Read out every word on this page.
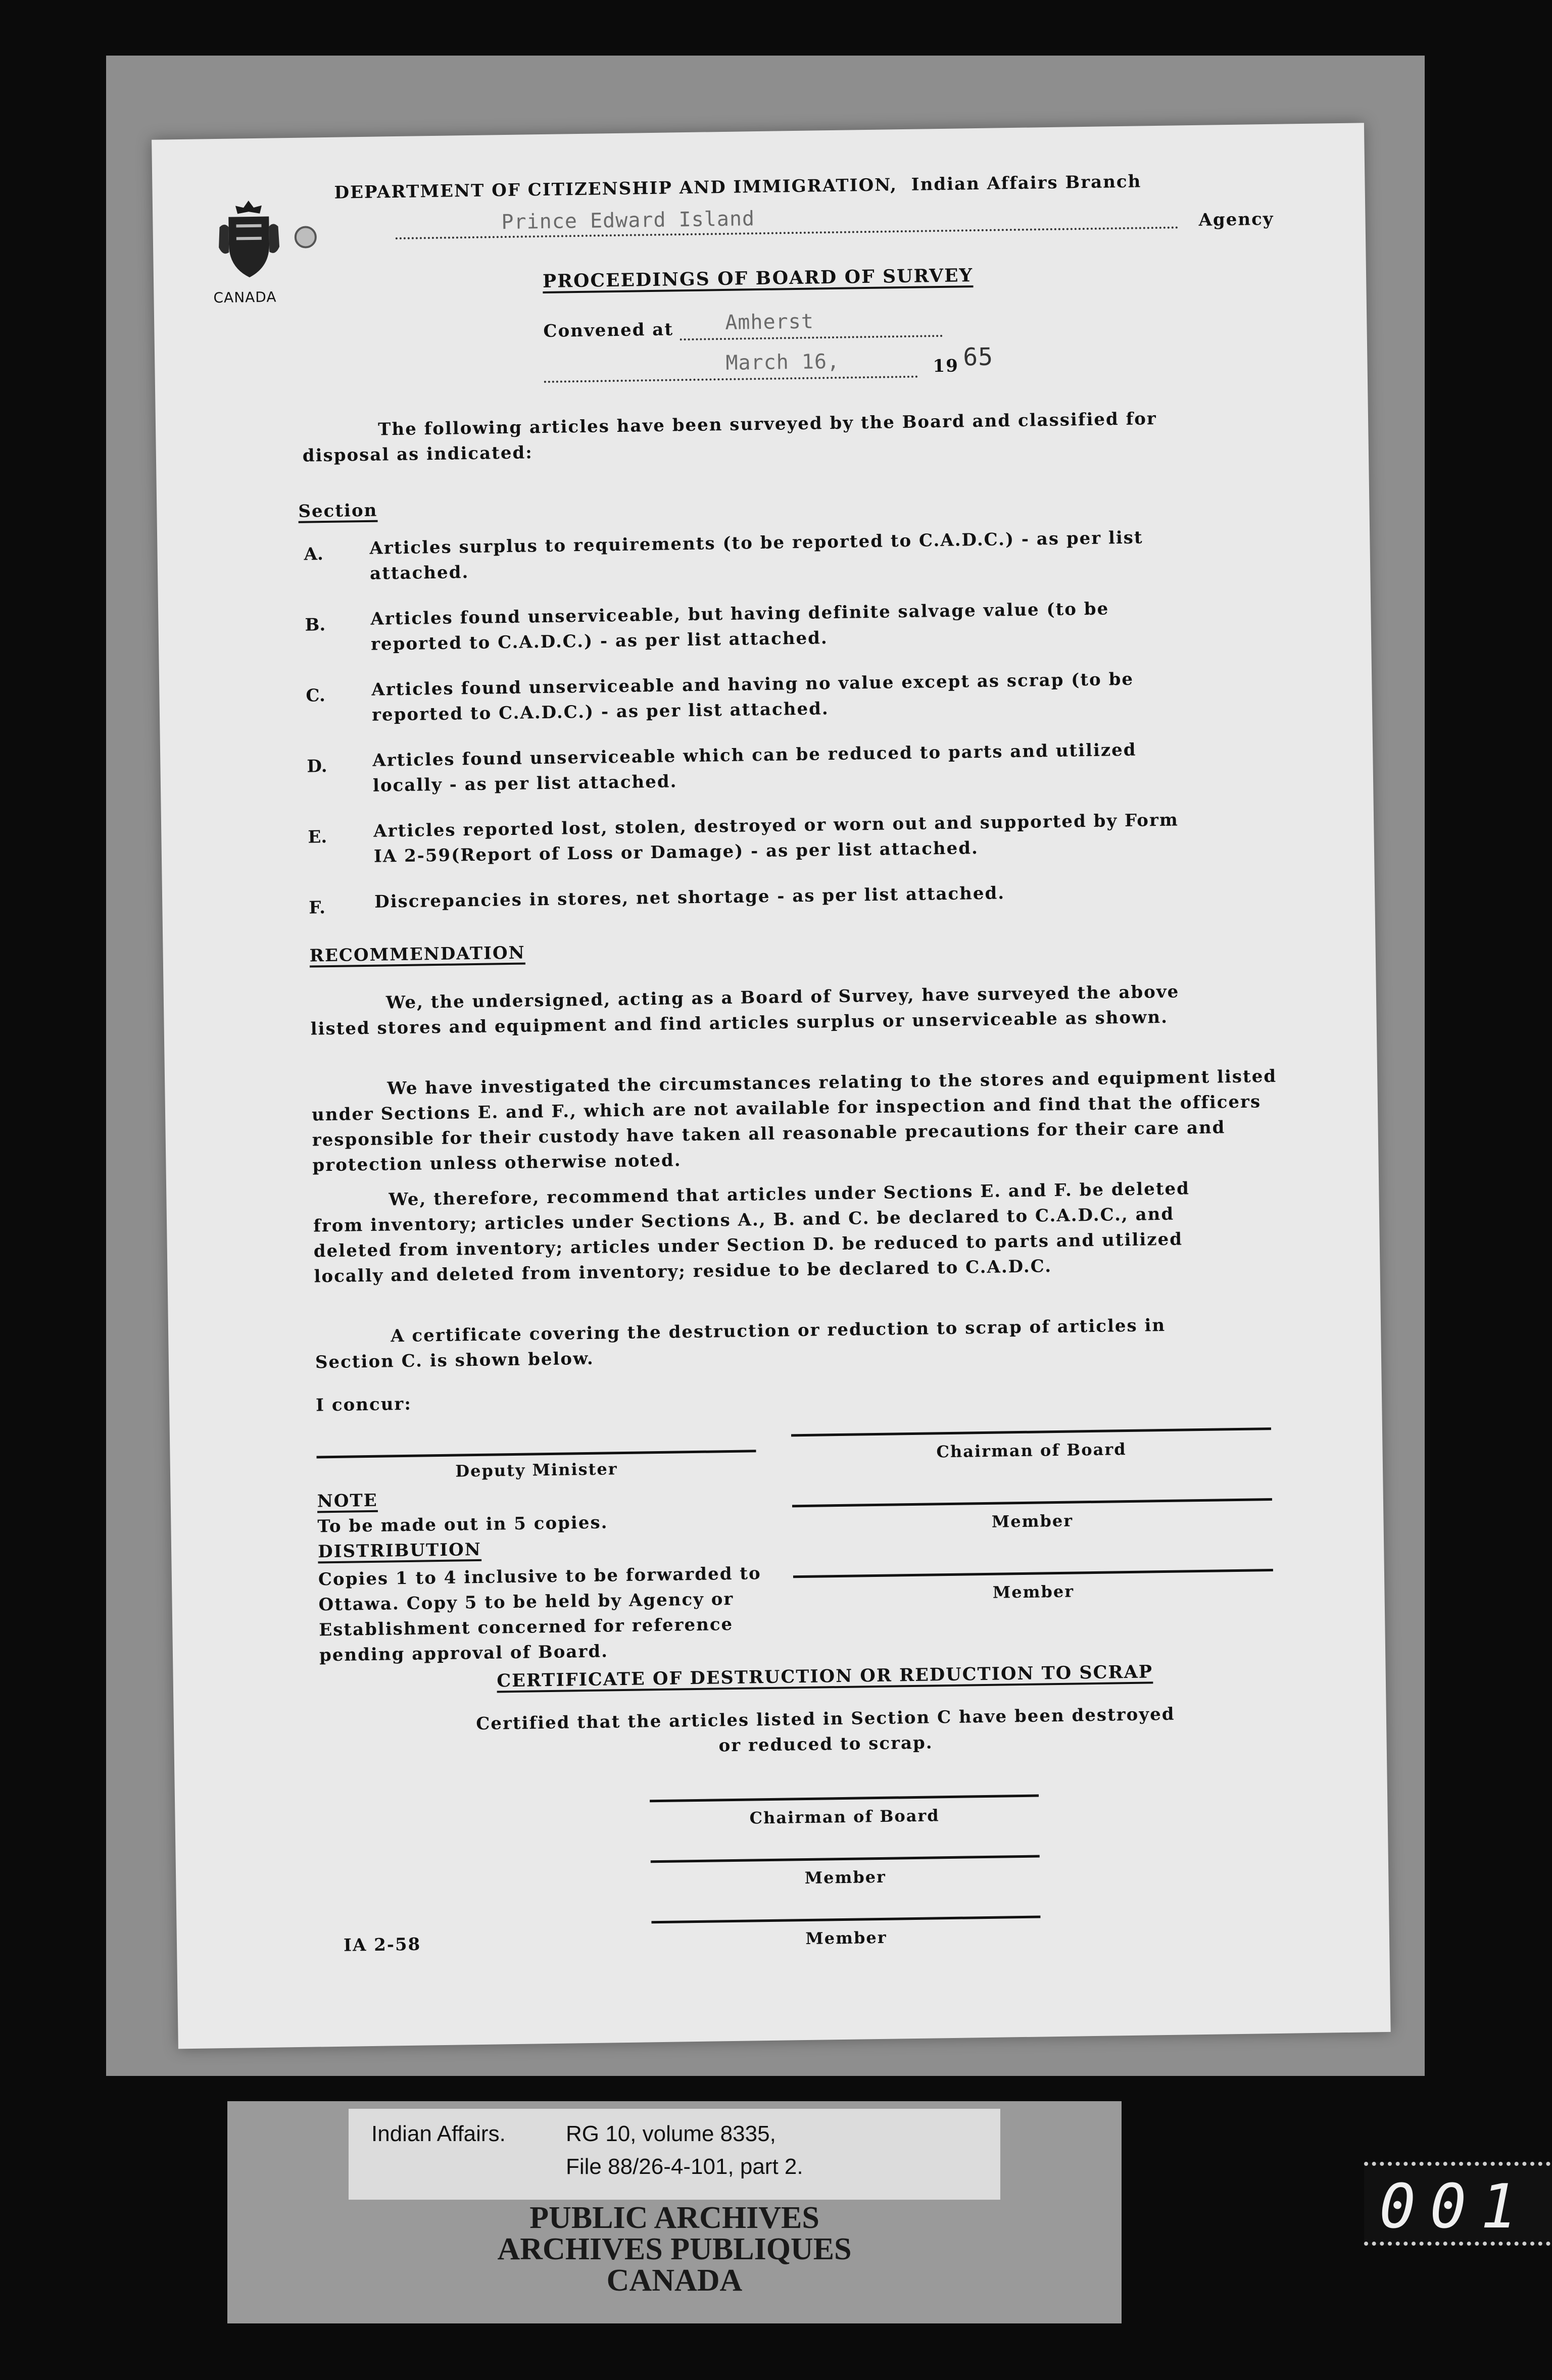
CANADA
DEPARTMENT OF CITIZENSHIP AND IMMIGRATION, Indian Affairs Branch
Prince Edward Island	Agency
PROCEEDINGS OF BOARD OF SURVEY
Convened at	Amherst
March 16,	19 65
The following articles have been surveyed by the Board and classified for disposal as indicated:
Section
A.	Articles surplus to requirements (to be reported to C.A.D.C.) - as per list attached.
B.	Articles found unserviceable, but having definite salvage value (to be reported to C.A.D.C.) - as per list attached.
C.	Articles found unserviceable and having no value except as scrap (to be reported to C.A.D.C.) - as per list attached.
D.	Articles found unserviceable which can be reduced to parts and utilized locally - as per list attached.
E.	Articles reported lost, stolen, destroyed or worn out and supported by Form IA 2-59(Report of Loss or Damage) - as per list attached.
F.	Discrepancies in stores, net shortage - as per list attached.
RECOMMENDATION
We, the undersigned, acting as a Board of Survey, have surveyed the above listed stores and equipment and find articles surplus or unserviceable as shown.
We have investigated the circumstances relating to the stores and equipment listed under Sections E. and F., which are not available for inspection and find that the officers responsible for their custody have taken all reasonable precautions for their care and protection unless otherwise noted.
We, therefore, recommend that articles under Sections E. and F. be deleted from inventory; articles under Sections A., B. and C. be declared to C.A.D.C., and deleted from inventory; articles under Section D. be reduced to parts and utilized locally and deleted from inventory; residue to be declared to C.A.D.C.
A certificate covering the destruction or reduction to scrap of articles in Section C. is shown below.
I concur:
Deputy Minister
Chairman of Board
NOTE
To be made out in 5 copies.
DISTRIBUTION
Copies 1 to 4 inclusive to be forwarded to Ottawa. Copy 5 to be held by Agency or Establishment concerned for reference pending approval of Board.
Member
Member
CERTIFICATE OF DESTRUCTION OR REDUCTION TO SCRAP
Certified that the articles listed in Section C have been destroyed or reduced to scrap.
Chairman of Board
Member
Member
IA 2-58
Indian Affairs.	RG 10, volume 8335,
File 88/26-4-101, part 2.
PUBLIC ARCHIVES
ARCHIVES PUBLIQUES
CANADA
001
